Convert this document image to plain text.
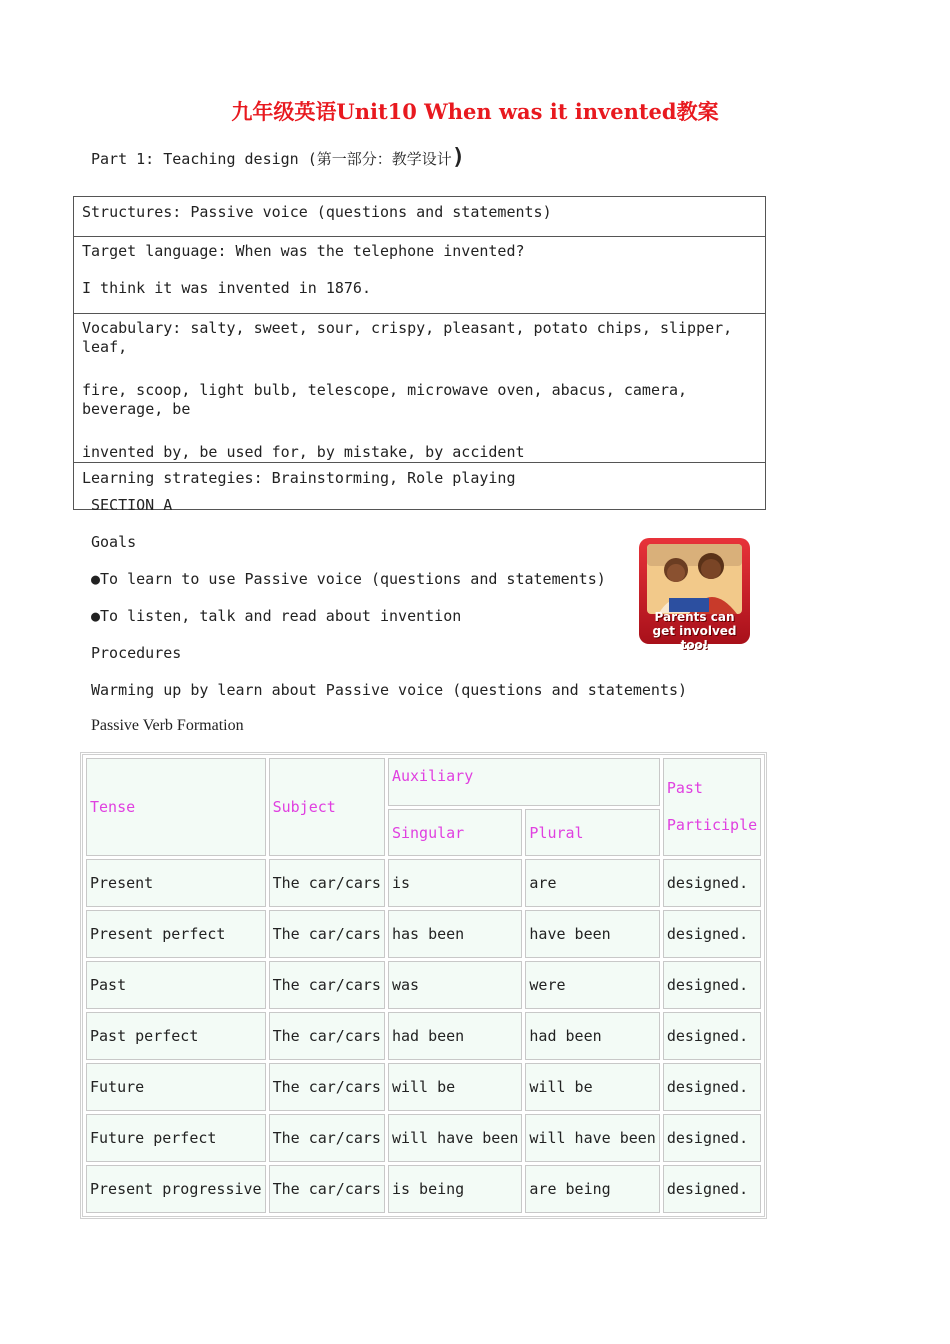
九年级英语Unit10 When was it invented教案
Part 1: Teaching design (第一部分：教学设计)

Structures: Passive voice (questions and statements)

Target language: When was the telephone invented?

I think it was invented in 1876.

Vocabulary: salty, sweet, sour, crispy, pleasant, potato chips, slipper, leaf,

fire, scoop, light bulb, telescope, microwave oven, abacus, camera, beverage, be

invented by, be used for, by mistake, by accident

Learning strategies: Brainstorming, Role playing

SECTION A
Goals
●To learn to use Passive voice (questions and statements)
●To listen, talk and read about invention
Procedures
Warming up by learn about Passive voice (questions and statements)
Passive Verb Formation
Parents can
get involved too!
Tense	Subject	Auxiliary		Past
Participle

		Singular	Plural	
Present	The car/cars	is	are	designed.
Present perfect	The car/cars	has been	have been	designed.
Past	The car/cars	was	were	designed.
Past perfect	The car/cars	had been	had been	designed.
Future	The car/cars	will be	will be	designed.
Future perfect	The car/cars	will have been	will have been	designed.
Present progressive	The car/cars	is being	are being	designed.
